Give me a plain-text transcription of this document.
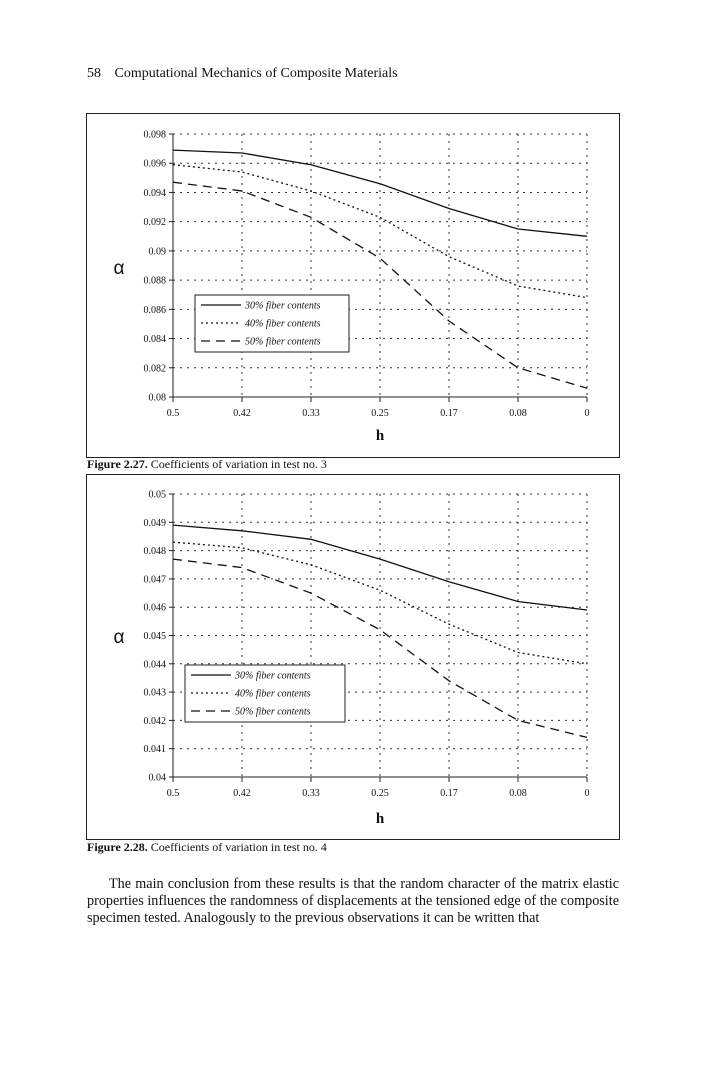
58 Computational Mechanics of Composite Materials
0.08
0.082
0.084
0.086
0.088
0.09
0.092
0.094
0.096
0.098
0.5	0.42	0.33	0.25	0.17	0.08	0
h
α
30% fiber contents
40% fiber contents
50% fiber contents
Figure 2.27. Coefficients of variation in test no. 3
0.04
0.041
0.042
0.043
0.044
0.045
0.046
0.047
0.048
0.049
0.05
0.5	0.42	0.33	0.25	0.17	0.08	0
h
α
30% fiber contents
40% fiber contents
50% fiber contents
Figure 2.28. Coefficients of variation in test no. 4

The main conclusion from these results is that the random character of the matrix elastic properties influences the randomness of displacements at the tensioned edge of the composite specimen tested. Analogously to the previous observations it can be written that
